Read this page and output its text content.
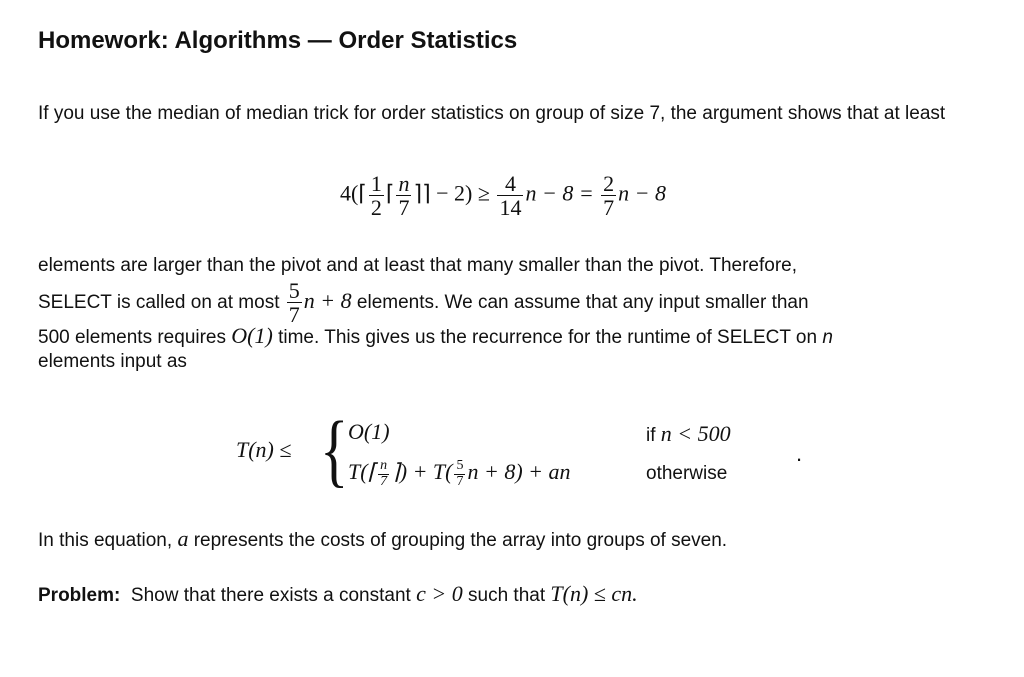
Homework: Algorithms — Order Statistics
If you use the median of median trick for order statistics on group of size 7, the argument shows that at least
4(⌈ $\frac{1}{2}$ ⌈ $\frac{n}{7}$ ⌉⌉ − $2) \ge \frac{4}{14}$ $n - 8 = \frac{2}{7}$ n − 8
elements are larger than the pivot and at least that many smaller than the pivot. Therefore,
SELECT is called on at most $\frac{5}{7}$ n + 8 elements. We can assume that any input smaller than
500 elements requires O(1) time. This gives us the recurrence for the runtime of SELECT on n
elements input as
T(n) ≤ { O(1)
T(⌈ $\frac{n}{7}$ ⌉) + $T( \frac{5}{7}$ n + 8) + an
if n < 500
otherwise
.
In this equation, a represents the costs of grouping the array into groups of seven.
Problem: Show that there exists a constant c > 0 such that T(n) ≤ cn.
